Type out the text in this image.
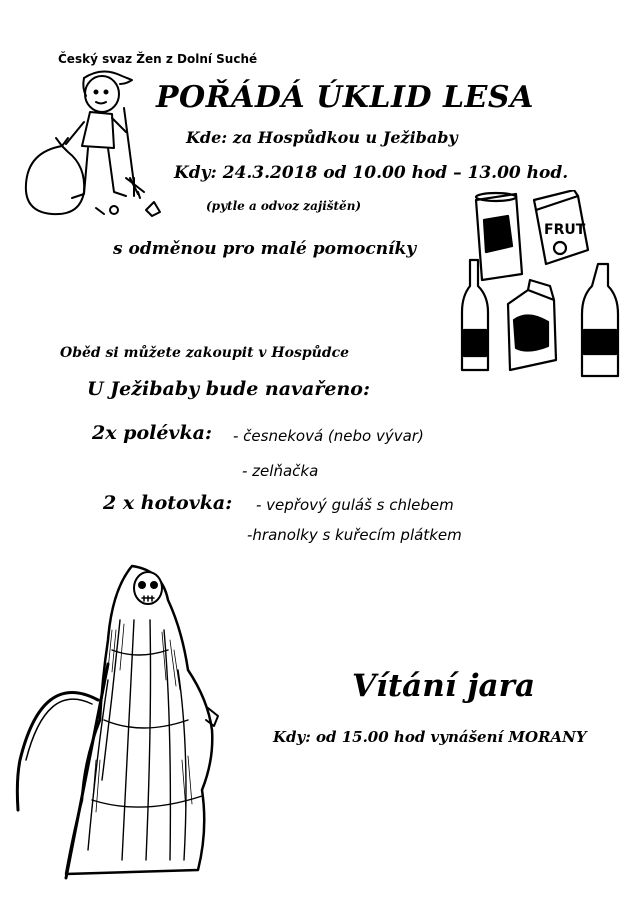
FRUT
Český svaz Žen z Dolní Suché
POŘÁDÁ ÚKLID LESA
Kde: za Hospůdkou u Ježibaby
Kdy: 24.3.2018 od 10.00 hod – 13.00 hod.
(pytle a odvoz zajištěn)
s odměnou pro malé pomocníky
Oběd si můžete zakoupit v Hospůdce
U Ježibaby bude navařeno:
2x polévka: - česneková (nebo vývar)
- zelňačka
2 x hotovka: - vepřový guláš s chlebem
-hranolky s kuřecím plátkem
Vítání jara
Kdy: od 15.00 hod vynášení MORANY
